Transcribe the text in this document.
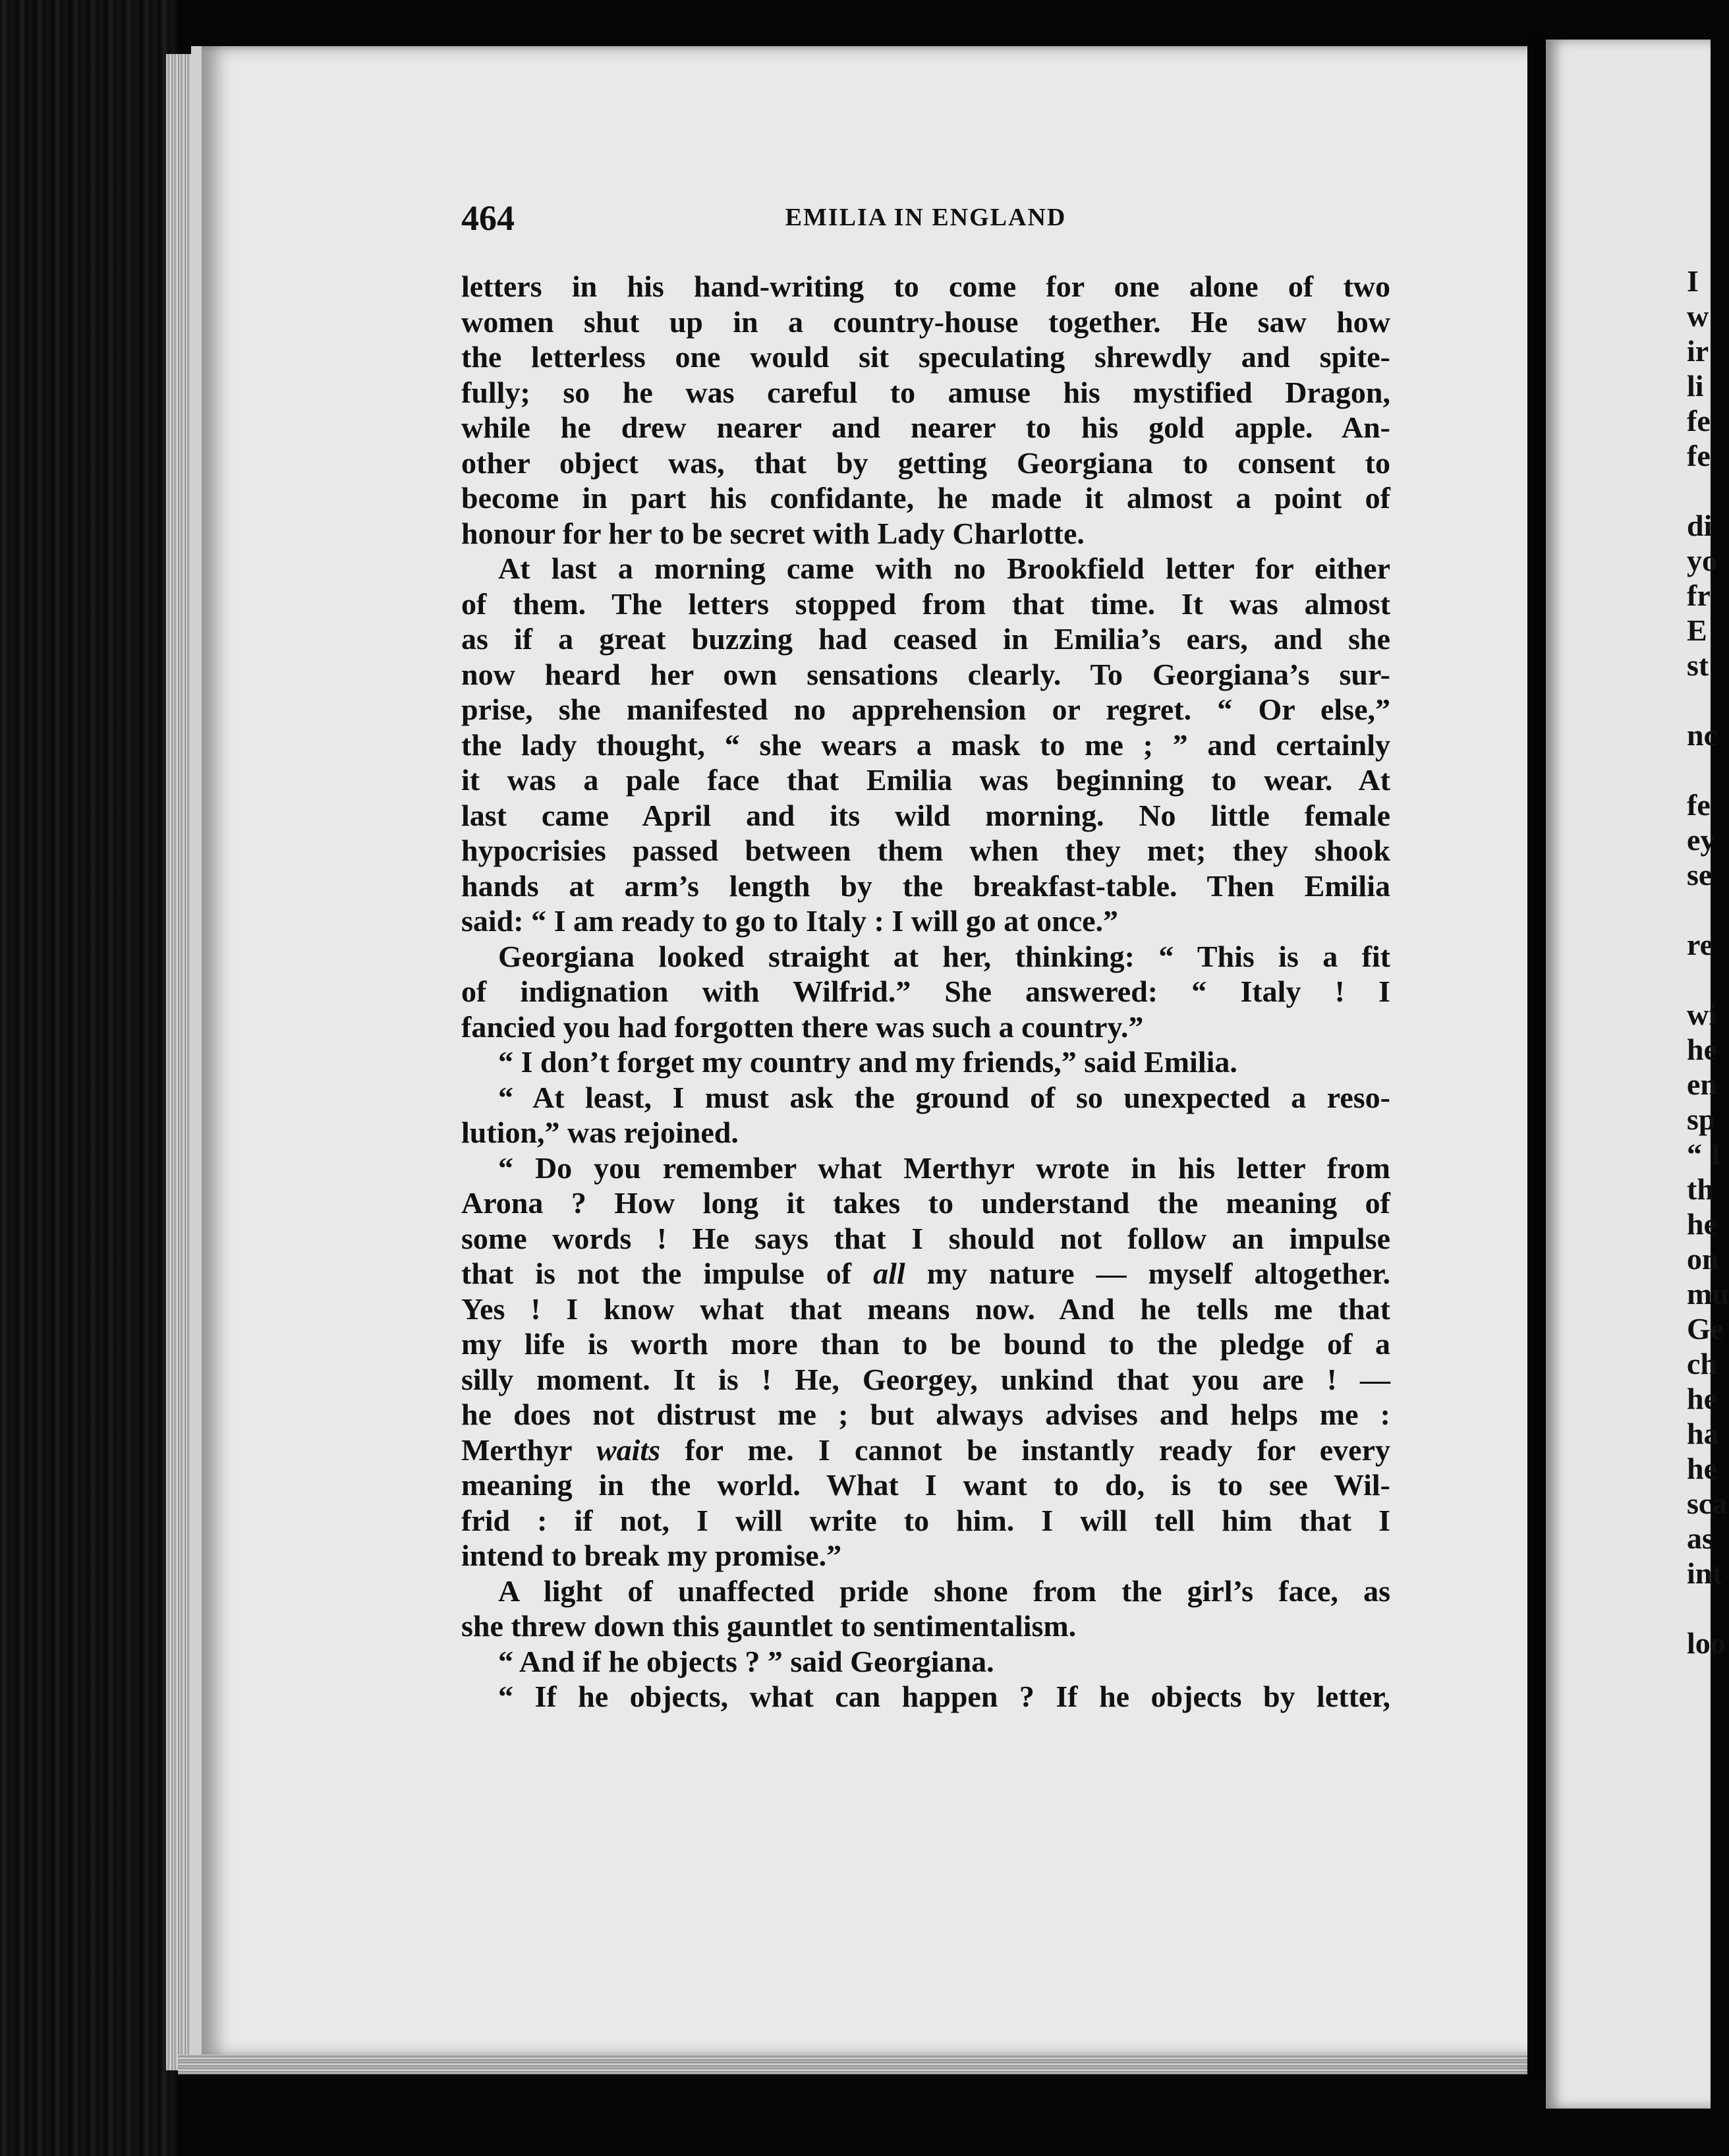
I
w
ir
li
fe
fe
di
yo
fr
E
st
nc
fe
ey
se
re
wi
he
en
sp
“ I
th
he
on
mu
Ge
ch
he
ha
he
sca
as
int
loo
464	EMILIA IN ENGLAND
letters in his hand-writing to come for one alone of two
women shut up in a country-house together. He saw how
the letterless one would sit speculating shrewdly and spite-
fully; so he was careful to amuse his mystified Dragon,
while he drew nearer and nearer to his gold apple. An-
other object was, that by getting Georgiana to consent to
become in part his confidante, he made it almost a point of
honour for her to be secret with Lady Charlotte.
At last a morning came with no Brookfield letter for either
of them. The letters stopped from that time. It was almost
as if a great buzzing had ceased in Emilia’s ears, and she
now heard her own sensations clearly. To Georgiana’s sur-
prise, she manifested no apprehension or regret. “ Or else,”
the lady thought, “ she wears a mask to me ; ” and certainly
it was a pale face that Emilia was beginning to wear. At
last came April and its wild morning. No little female
hypocrisies passed between them when they met; they shook
hands at arm’s length by the breakfast-table. Then Emilia
said: “ I am ready to go to Italy : I will go at once.”
Georgiana looked straight at her, thinking: “ This is a fit
of indignation with Wilfrid.” She answered: “ Italy ! I
fancied you had forgotten there was such a country.”
“ I don’t forget my country and my friends,” said Emilia.
“ At least, I must ask the ground of so unexpected a reso-
lution,” was rejoined.
“ Do you remember what Merthyr wrote in his letter from
Arona ? How long it takes to understand the meaning of
some words ! He says that I should not follow an impulse
that is not the impulse of all my nature — myself altogether.
Yes ! I know what that means now. And he tells me that
my life is worth more than to be bound to the pledge of a
silly moment. It is ! He, Georgey, unkind that you are ! —
he does not distrust me ; but always advises and helps me :
Merthyr waits for me. I cannot be instantly ready for every
meaning in the world. What I want to do, is to see Wil-
frid : if not, I will write to him. I will tell him that I
intend to break my promise.”
A light of unaffected pride shone from the girl’s face, as
she threw down this gauntlet to sentimentalism.
“ And if he objects ? ” said Georgiana.
“ If he objects, what can happen ? If he objects by letter,
